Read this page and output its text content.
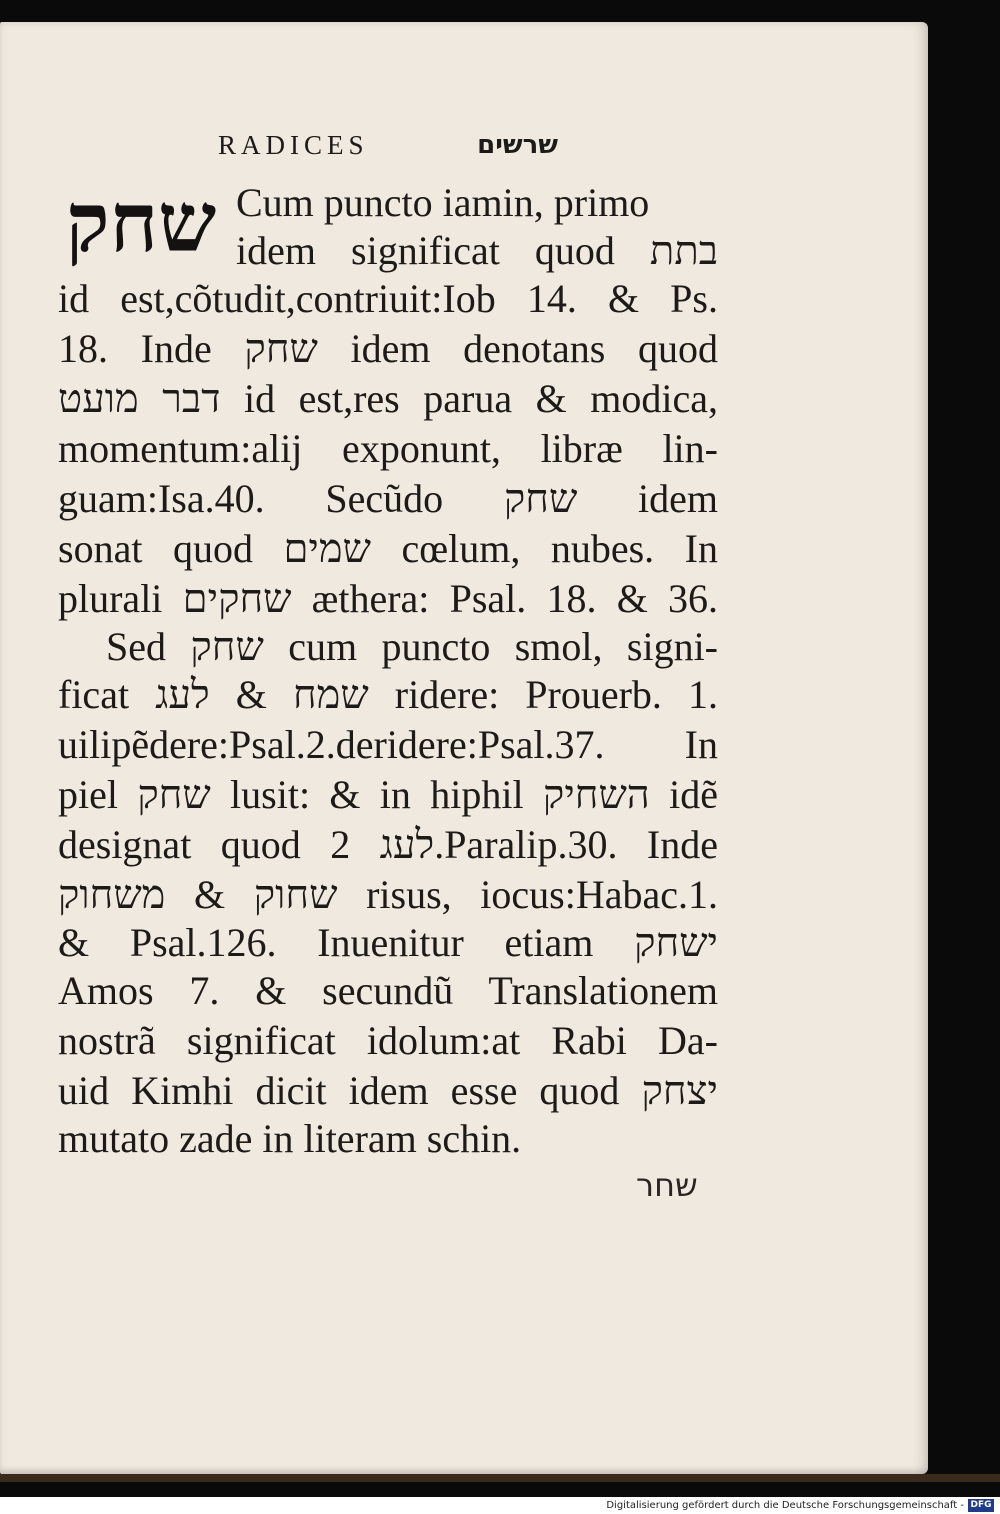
RADICES	שרשים
שחק Cum puncto iamin, primo
idem significat quod בתת
id est,cõtudit,contriuit:Iob 14. & Ps.
18. Inde שחק idem denotans quod
דבר מועט id est,res parua & modica,
momentum:alij exponunt, libræ lin-
guam:Isa.40. Secũdo שחק idem
sonat quod שמים cœlum, nubes. In
plurali שחקים æthera: Psal. 18. & 36.
Sed שחק cum puncto smol, signi-
ficat שמח & לעג ridere: Prouerb. 1.
uilipẽdere:Psal.2.deridere:Psal.37. In
piel שחק lusit: & in hiphil השחיק idẽ
designat quod לעג 2.Paralip.30. Inde
שחוק & משחוק risus, iocus:Habac.1.
& Psal.126. Inuenitur etiam ישחק
Amos 7. & secundũ Translationem
nostrã significat idolum:at Rabi Da-
uid Kimhi dicit idem esse quod יצחק
mutato zade in literam schin.
שחר
Digitalisierung gefördert durch die Deutsche Forschungsgemeinschaft - DFG
